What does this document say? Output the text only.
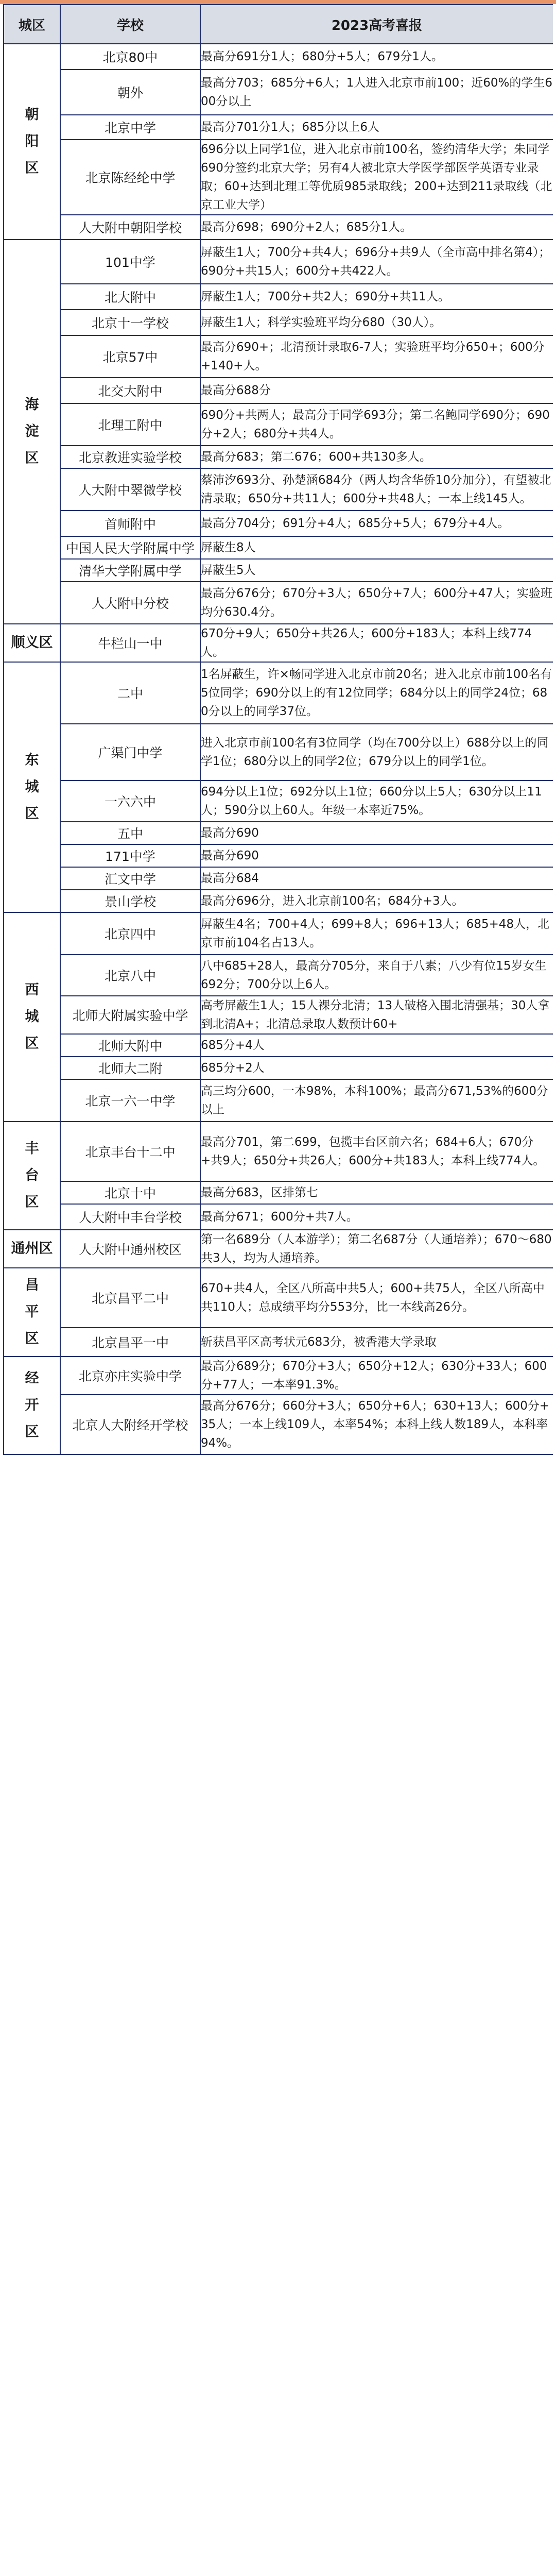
城区	学校	2023高考喜报
朝阳区	北京80中	最高分691分1人；680分+5人；679分1人。
	朝外	最高分703；685分+6人；1人进入北京市前100；近60%的学生600分以上
	北京中学	最高分701分1人；685分以上6人
	北京陈经纶中学	696分以上同学1位，进入北京市前100名，签约清华大学；朱同学690分签约北京大学；另有4人被北京大学医学部医学英语专业录取；60+达到北理工等优质985录取线；200+达到211录取线（北京工业大学）
	人大附中朝阳学校	最高分698；690分+2人；685分1人。
海淀区	101中学	屏蔽生1人；700分+共4人；696分+共9人（全市高中排名第4）；690分+共15人；600分+共422人。
	北大附中	屏蔽生1人；700分+共2人；690分+共11人。
	北京十一学校	屏蔽生1人；科学实验班平均分680（30人）。
	北京57中	最高分690+；北清预计录取6-7人；实验班平均分650+；600分+140+人。
	北交大附中	最高分688分
	北理工附中	690分+共两人；最高分于同学693分；第二名鲍同学690分；690分+2人；680分+共4人。
	北京教进实验学校	最高分683；第二676；600+共130多人。
	人大附中翠微学校	蔡沛汐693分、孙楚涵684分（两人均含华侨10分加分），有望被北清录取；650分+共11人；600分+共48人；一本上线145人。
	首师附中	最高分704分；691分+4人；685分+5人；679分+4人。
	中国人民大学附属中学	屏蔽生8人
	清华大学附属中学	屏蔽生5人
	人大附中分校	最高分676分；670分+3人；650分+7人；600分+47人；实验班均分630.4分。
顺义区	牛栏山一中	670分+9人；650分+共26人；600分+183人；本科上线774人。
东城区	二中	1名屏蔽生，许×畅同学进入北京市前20名；进入北京市前100名有5位同学；690分以上的有12位同学；684分以上的同学24位；680分以上的同学37位。
	广渠门中学	进入北京市前100名有3位同学（均在700分以上）688分以上的同学1位；680分以上的同学2位；679分以上的同学1位。
	一六六中	694分以上1位；692分以上1位；660分以上5人；630分以上11人；590分以上60人。年级一本率近75%。
	五中	最高分690
	171中学	最高分690
	汇文中学	最高分684
	景山学校	最高分696分，进入北京前100名；684分+3人。
西城区	北京四中	屏蔽生4名；700+4人；699+8人；696+13人；685+48人，北京市前104名占13人。
	北京八中	八中685+28人，最高分705分，来自于八素；八少有位15岁女生692分；700分以上6人。
	北师大附属实验中学	高考屏蔽生1人；15人裸分北清；13人破格入围北清强基；30人拿到北清A+；北清总录取人数预计60+
	北师大附中	685分+4人
	北师大二附	685分+2人
	北京一六一中学	高三均分600，一本98%，本科100%；最高分671,53%的600分以上
丰台区	北京丰台十二中	最高分701，第二699，包揽丰台区前六名；684+6人；670分+共9人；650分+共26人；600分+共183人；本科上线774人。
	北京十中	最高分683，区排第七
	人大附中丰台学校	最高分671；600分+共7人。
通州区	人大附中通州校区	第一名689分（人本游学）；第二名687分（人通培养）；670～680共3人，均为人通培养。
昌平区	北京昌平二中	670+共4人，全区八所高中共5人；600+共75人，全区八所高中共110人；总成绩平均分553分，比一本线高26分。
	北京昌平一中	斩获昌平区高考状元683分，被香港大学录取
经开区	北京亦庄实验中学	最高分689分；670分+3人；650分+12人；630分+33人；600分+77人；一本率91.3%。
	北京人大附经开学校	最高分676分；660分+3人；650分+6人；630+13人；600分+35人；一本上线109人，本率54%；本科上线人数189人，本科率94%。
